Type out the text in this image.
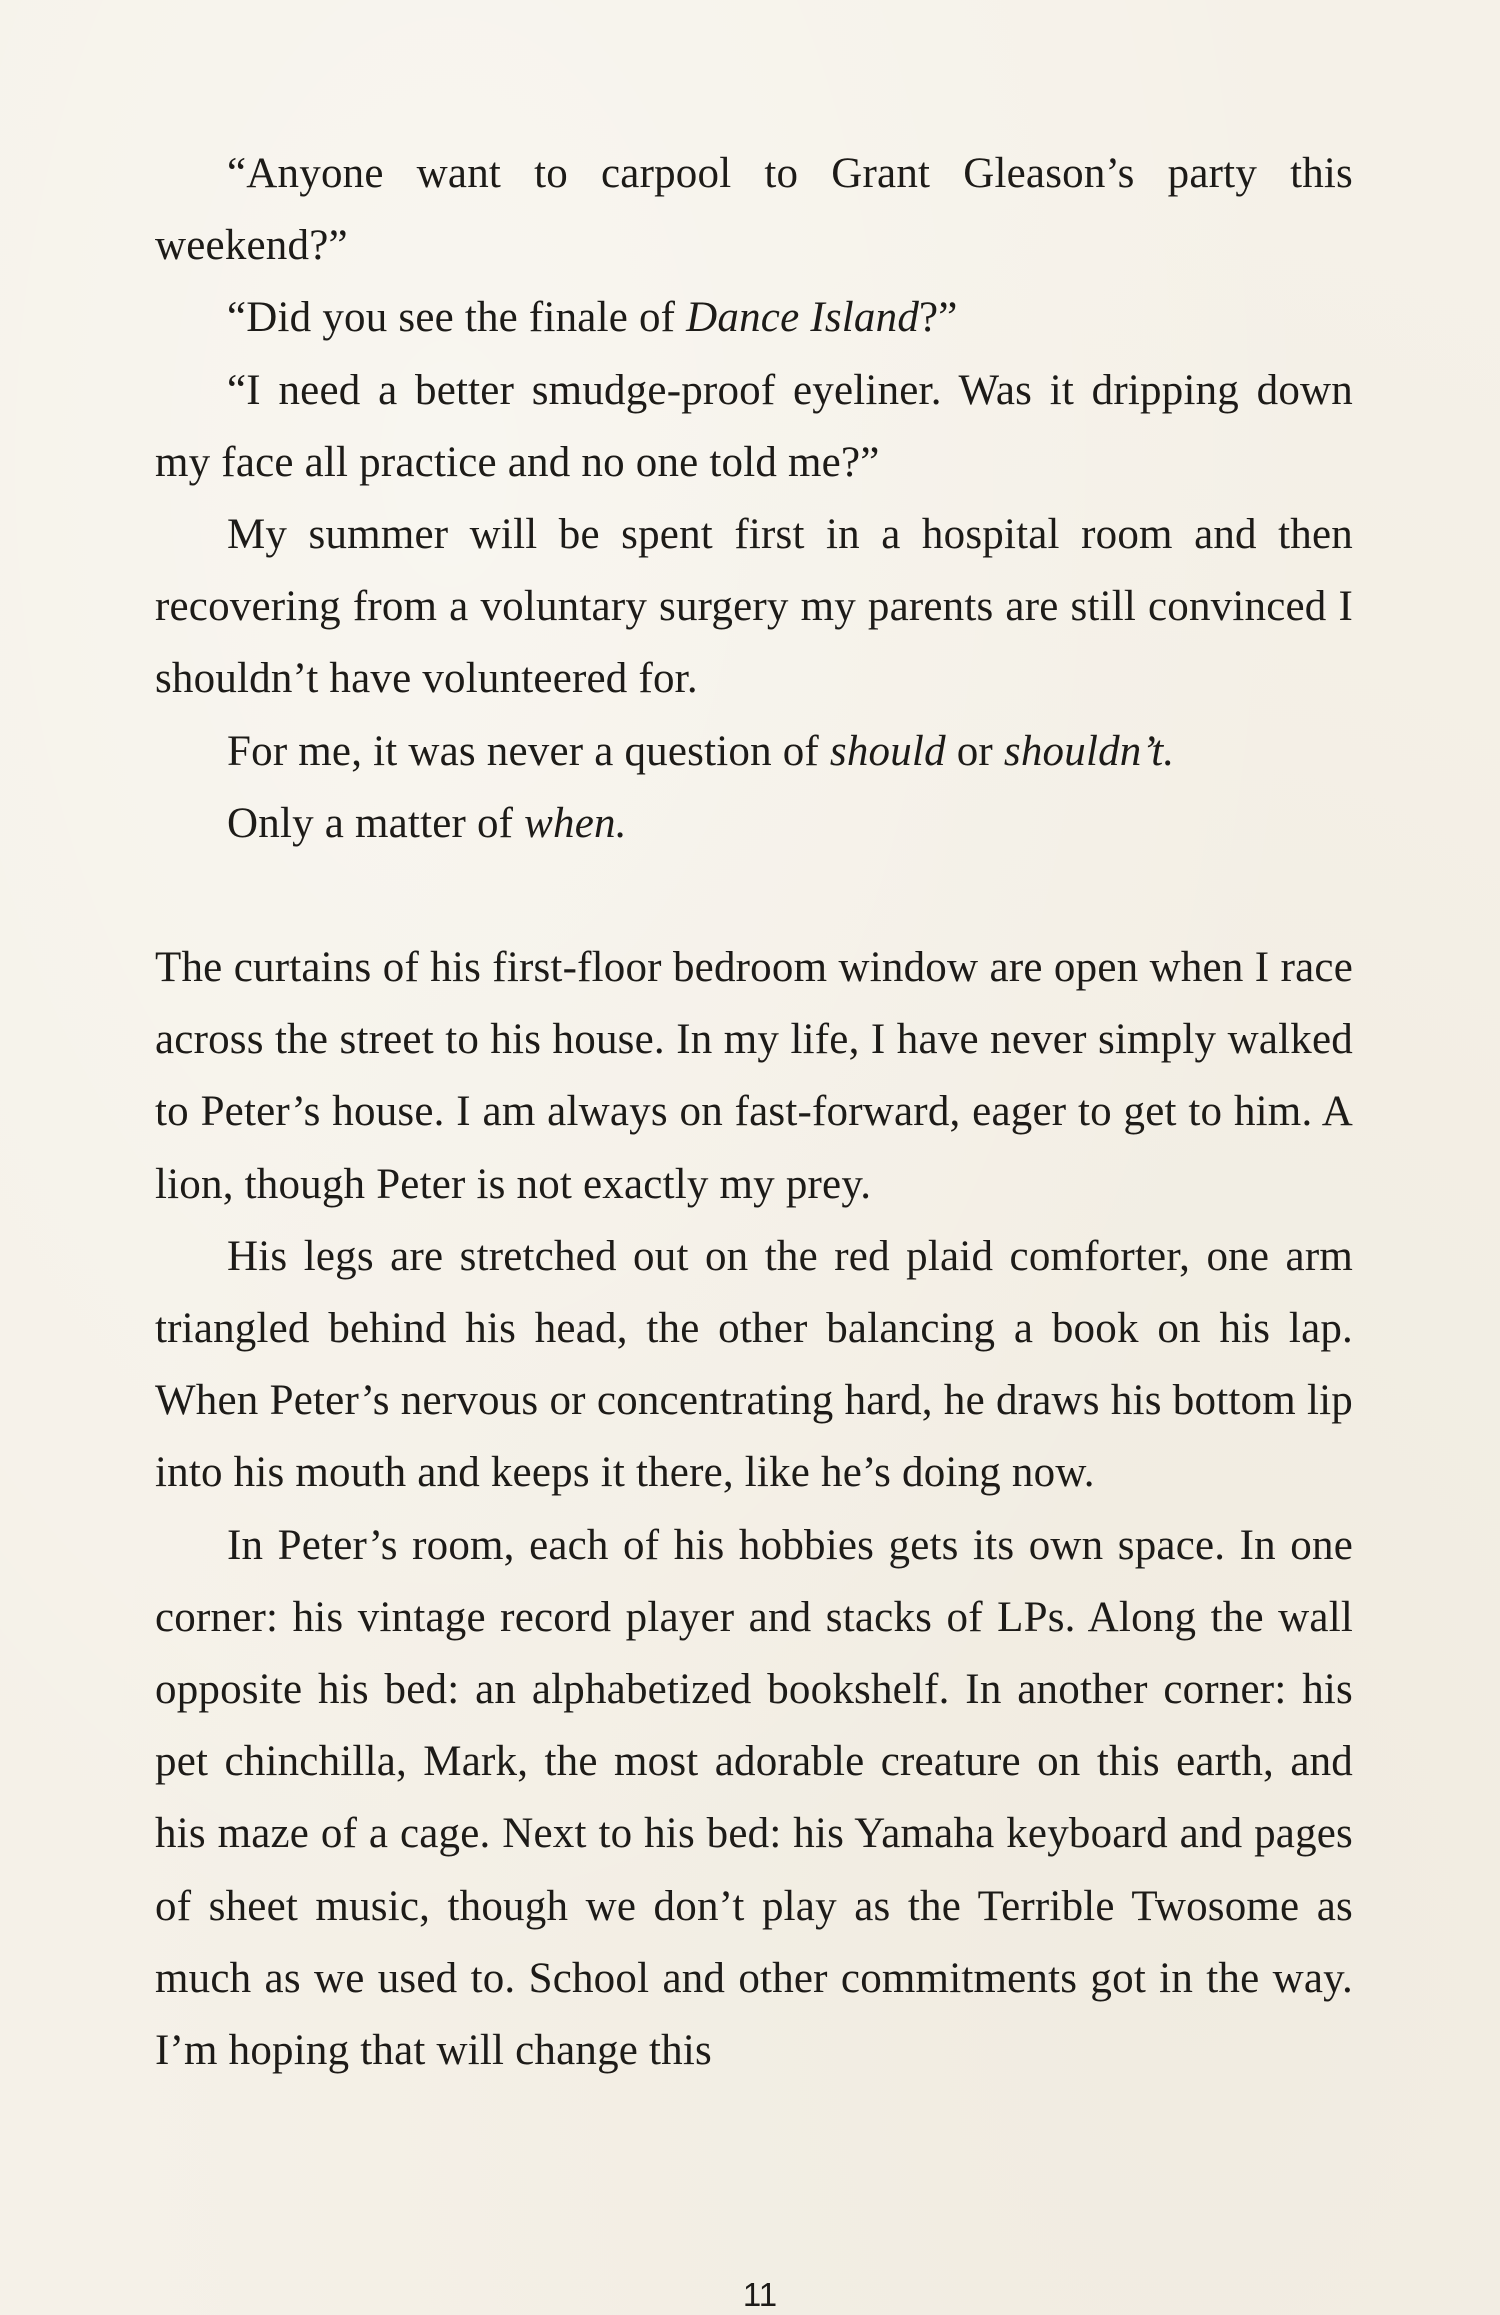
“Anyone want to carpool to Grant Gleason’s party this weekend?”

“Did you see the finale of Dance Island?”

“I need a better smudge-proof eyeliner. Was it dripping down my face all practice and no one told me?”

My summer will be spent first in a hospital room and then recovering from a voluntary surgery my parents are still convinced I shouldn’t have volunteered for.

For me, it was never a question of should or shouldn’t.

Only a matter of when.

The curtains of his first-floor bedroom window are open when I race across the street to his house. In my life, I have never simply walked to Peter’s house. I am always on fast-forward, eager to get to him. A lion, though Peter is not exactly my prey.

His legs are stretched out on the red plaid comforter, one arm triangled behind his head, the other balancing a book on his lap. When Peter’s nervous or concentrating hard, he draws his bottom lip into his mouth and keeps it there, like he’s doing now.

In Peter’s room, each of his hobbies gets its own space. In one corner: his vintage record player and stacks of LPs. Along the wall opposite his bed: an alphabetized bookshelf. In another corner: his pet chinchilla, Mark, the most adorable creature on this earth, and his maze of a cage. Next to his bed: his Yamaha keyboard and pages of sheet music, though we don’t play as the Terrible Twosome as much as we used to. School and other commitments got in the way. I’m hoping that will change this

11
